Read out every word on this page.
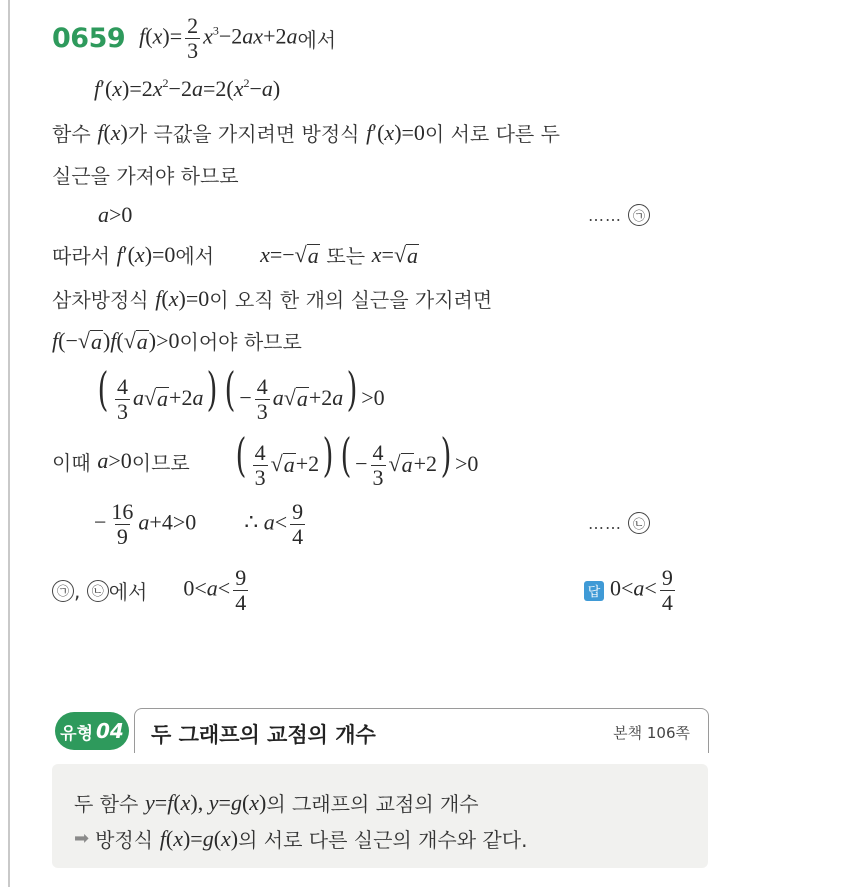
0659 $f(x)= \frac{2}{3} x^3-2ax+2a$ 에서
$f'(x)=2x^2-2a=2(x^2-a)$
함수
f(x) 가 극값을 가지려면 방정식
f′(x)=0 이 서로 다른 두
실근을 가져야 하므로
a>0	…… ㉠
따라서
f′(x)=0 에서 x=− √ a
또는
x= √ a
삼차방정식
f(x)=0 이 오직 한 개의 실근을 가지려면
f(− √ a )f( √ a )>0 이어야 하므로
( $\frac{4}{3}$ a √ a +2a) ( − $\frac{4}{3}$ a √ a +2a) >0
이때
a>0 이므로 ( $\frac{4}{3}$ √ a +2) ( − $\frac{4}{3}$ √ a +2) >0
− $\frac{16}{9} a+4>0$ ∴ $a< \frac{9}{4}$	…… ㉡
㉠ , ㉡ 에서 $0<a< \frac{9}{4}$	답 $0<a< \frac{9}{4}$
유형 04 두 그래프의 교점의 개수	본책 106쪽
두 함수
y=f(x), y=g(x) 의 그래프의 교점의 개수
➡ 방정식
f(x)=g(x) 의 서로 다른 실근의 개수와 같다.
